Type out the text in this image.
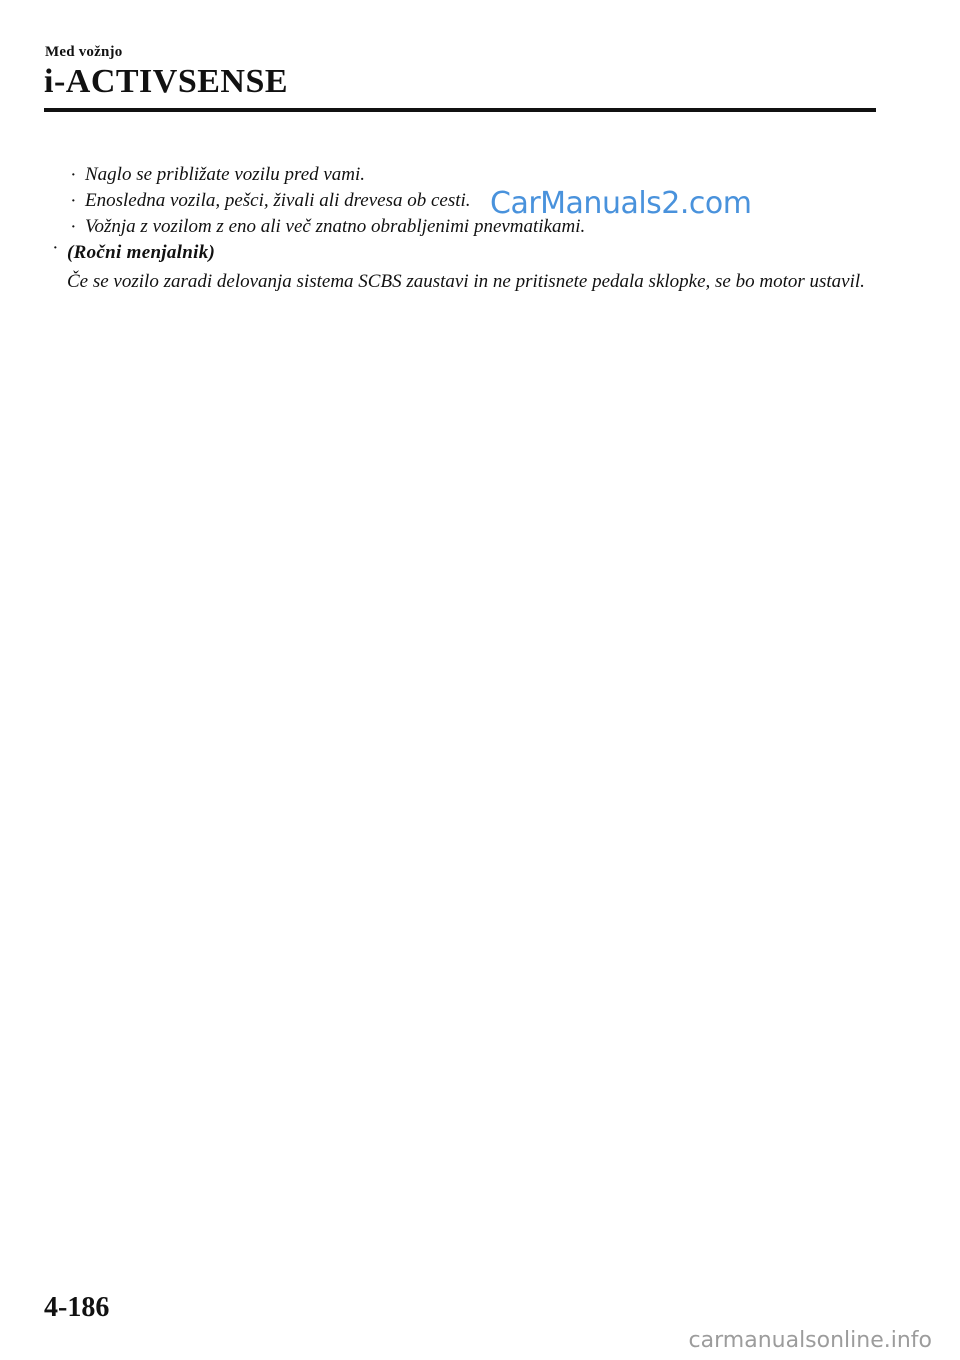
Med vožnjo
i-ACTIVSENSE
· Naglo se približate vozilu pred vami.
· Enosledna vozila, pešci, živali ali drevesa ob cesti.
· Vožnja z vozilom z eno ali več znatno obrabljenimi pnevmatikami.
· (Ročni menjalnik)
Če se vozilo zaradi delovanja sistema SCBS zaustavi in ne pritisnete pedala sklopke, se bo motor ustavil.
CarManuals2.com
4-186
carmanualsonline.info
